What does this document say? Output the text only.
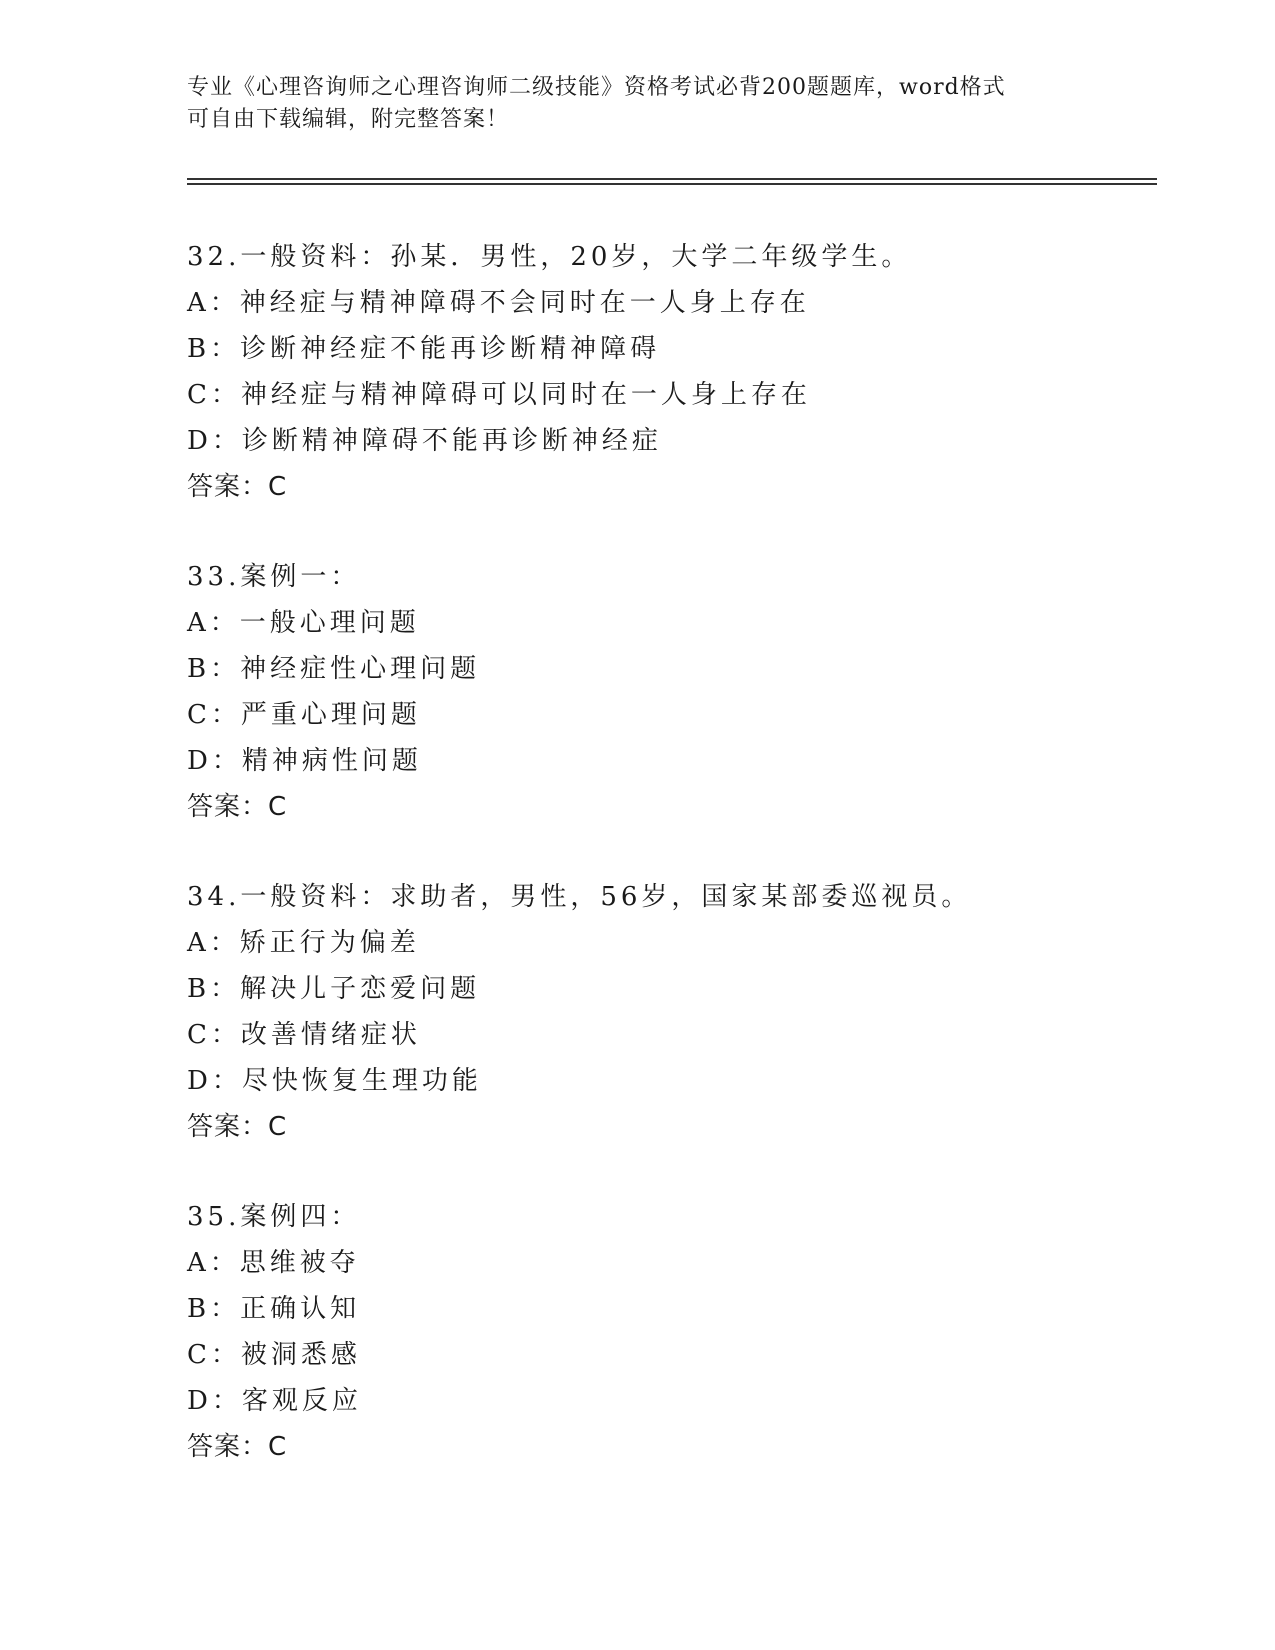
专业《心理咨询师之心理咨询师二级技能》资格考试必背200题题库，word格式
可自由下载编辑，附完整答案！
32.一般资料：孙某．男性，20岁，大学二年级学生。
A：神经症与精神障碍不会同时在一人身上存在
B：诊断神经症不能再诊断精神障碍
C：神经症与精神障碍可以同时在一人身上存在
D：诊断精神障碍不能再诊断神经症
答案：C
33.案例一：
A：一般心理问题
B：神经症性心理问题
C：严重心理问题
D：精神病性问题
答案：C
34.一般资料：求助者，男性，56岁，国家某部委巡视员。
A：矫正行为偏差
B：解决儿子恋爱问题
C：改善情绪症状
D：尽快恢复生理功能
答案：C
35.案例四：
A：思维被夺
B：正确认知
C：被洞悉感
D：客观反应
答案：C
